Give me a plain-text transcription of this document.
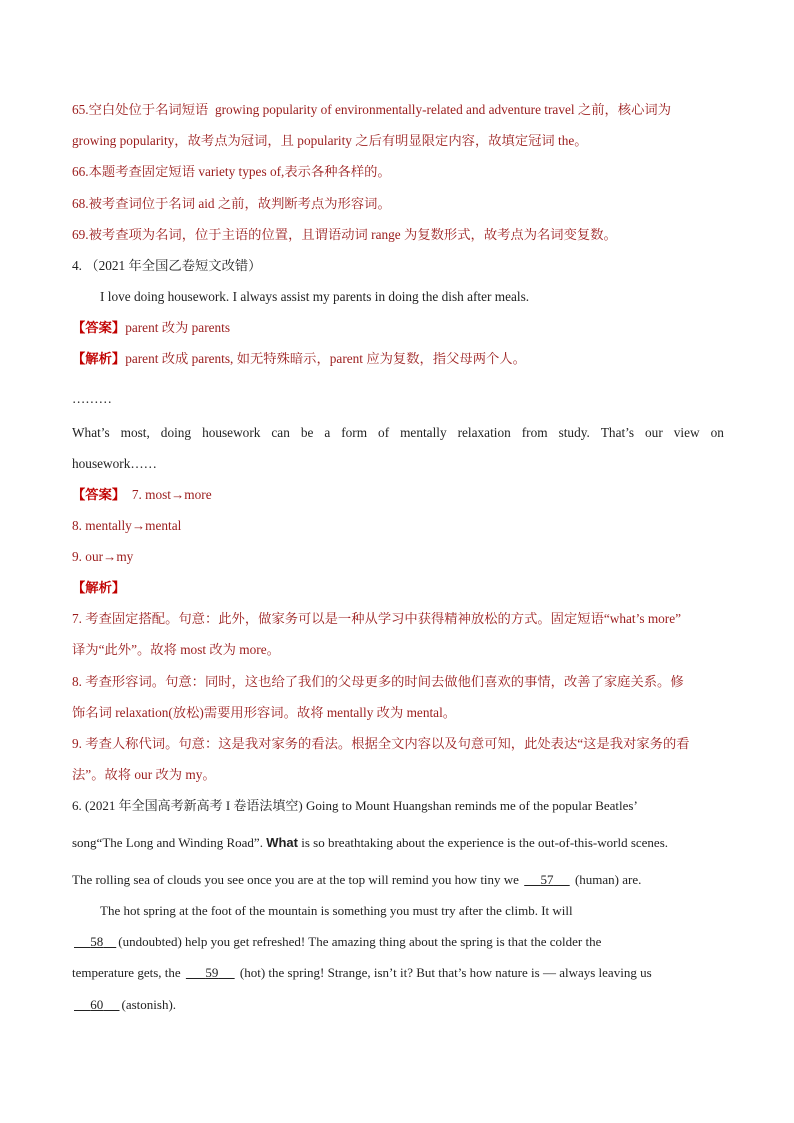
65.空白处位于名词短语 growing popularity of environmentally-related and adventure travel 之前，核心词为
growing popularity，故考点为冠词，且 popularity 之后有明显限定内容，故填定冠词 the。
66.本题考查固定短语 variety types of,表示各种各样的。
68.被考查词位于名词 aid 之前，故判断考点为形容词。
69.被考查项为名词，位于主语的位置，且谓语动词 range 为复数形式，故考点为名词变复数。
4. （2021 年全国乙卷短文改错）
I love doing housework. I always assist my parents in doing the dish after meals.
【答案】parent 改为 parents
【解析】parent 改成 parents, 如无特殊暗示，parent 应为复数，指父母两个人。
………
What’s most, doing housework can be a form of mentally relaxation from study. That’s our view on
housework……
【答案】 7. most→more
8. mentally→mental
9. our→my
【解析】
7. 考查固定搭配。句意：此外，做家务可以是一种从学习中获得精神放松的方式。固定短语“what’s more”
译为“此外”。故将 most 改为 more。
8. 考查形容词。句意：同时，这也给了我们的父母更多的时间去做他们喜欢的事情，改善了家庭关系。修
饰名词 relaxation(放松)需要用形容词。故将 mentally 改为 mental。
9. 考查人称代词。句意：这是我对家务的看法。根据全文内容以及句意可知，此处表达“这是我对家务的看
法”。故将 our 改为 my。
6. (2021 年全国高考新高考 I 卷语法填空) Going to Mount Huangshan reminds me of the popular Beatles’
song“The Long and Winding Road”. What is so breathtaking about the experience is the out-of-this-world scenes.
The rolling sea of clouds you see once you are at the top will remind you how tiny we 57 (human) are.
The hot spring at the foot of the mountain is something you must try after the climb. It will
58 (undoubted) help you get refreshed! The amazing thing about the spring is that the colder the
temperature gets, the 59 (hot) the spring! Strange, isn’t it? But that’s how nature is — always leaving us
60 (astonish).
